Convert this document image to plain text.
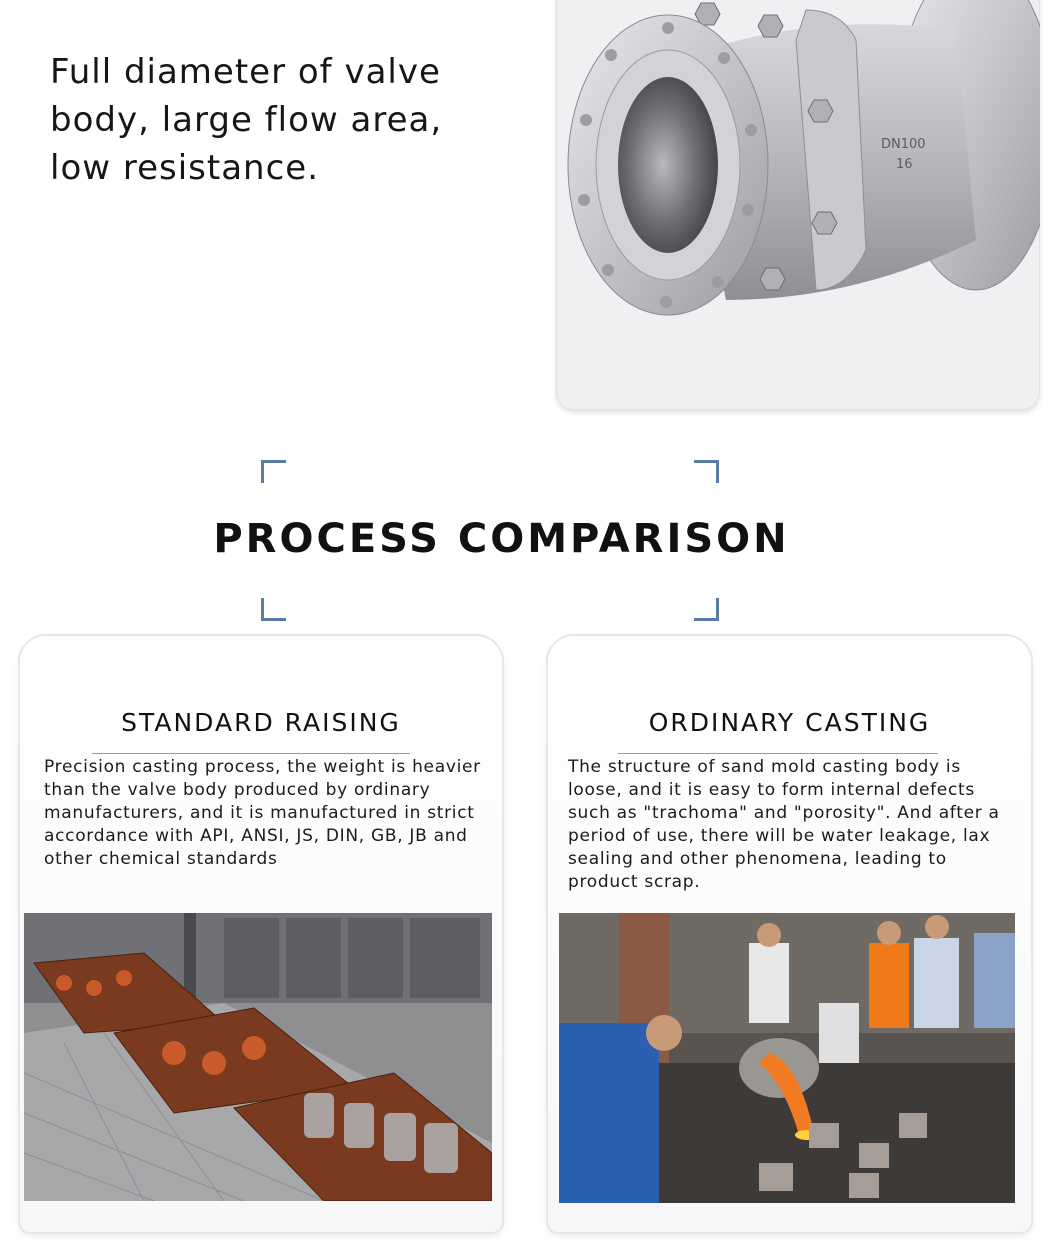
Full diameter of valve
body, large flow area,
low resistance.
DN100
16
PROCESS COMPARISON
STANDARD RAISING
Precision casting process, the weight is heavier than the valve body produced by ordinary manufacturers, and it is manufactured in strict accordance with API, ANSI, JS, DIN, GB, JB and other chemical standards
ORDINARY CASTING
The structure of sand mold casting body is loose, and it is easy to form internal defects such as "trachoma" and "porosity". And after a period of use, there will be water leakage, lax sealing and other phenomena, leading to product scrap.
